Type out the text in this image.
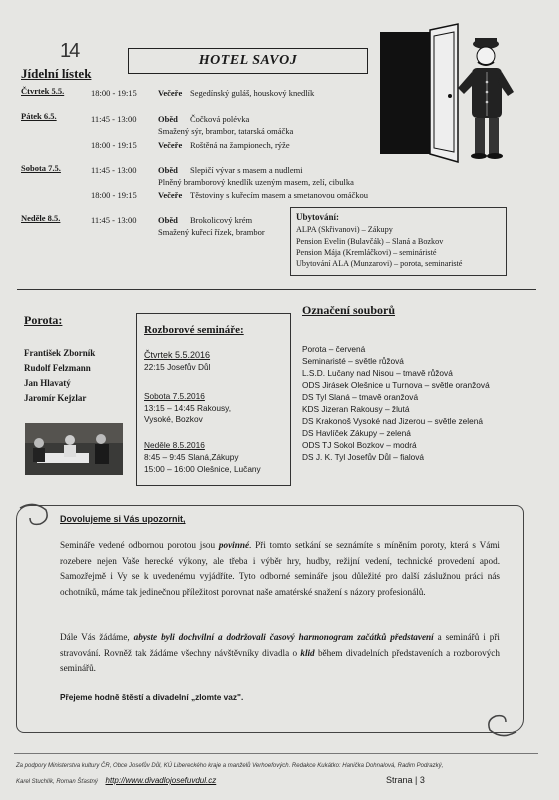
14	HOTEL SAVOJ
Jídelní lístek
Čtvrtek 5.5.	18:00 - 19:15 Večeře Segedínský guláš, houskový knedlík
Pátek 6.5.	11:45 - 13:00	Oběd Čočková polévka
Smažený sýr, brambor, tatarská omáčka
18:00 - 19:15 Večeře Roštěná na žampionech, rýže
Sobota 7.5.	11:45 - 13:00	Oběd Slepičí vývar s masem a nudlemi
Plněný bramborový knedlík uzeným masem, zelí, cibulka
18:00 - 19:15 Večeře Těstoviny s kuřecím masem a smetanovou omáčkou
Neděle 8.5.	11:45 - 13:00	Oběd Brokolicový krém
Smažený kuřecí řízek, brambor
Ubytování:
ALPA (Skřivanovi) – Zákupy
Pension Evelin (Bulavčák) – Slaná a Bozkov
Pension Mája (Kremláčkovi) – semináristé
Ubytování ALA (Munzarovi) – porota, seminaristé
Porota:
František Zborník
Rudolf Felzmann
Jan Hlavatý
Jaromír Kejzlar
Rozborové semináře:
Čtvrtek 5.5.2016
22:15 Josefův Důl
Sobota 7.5.2016
13:15 – 14:45 Rakousy,
Vysoké, Bozkov
Neděle 8.5.2016
8:45 – 9:45 Slaná,Zákupy
15:00 – 16:00 Olešnice, Lučany
Označení souborů
Porota – červená
Seminaristé – světle růžová
L.S.D. Lučany nad Nisou – tmavě růžová
ODS Jirásek Olešnice u Turnova – světle oranžová
DS Tyl Slaná – tmavě oranžová
KDS Jizeran Rakousy – žlutá
DS Krakonoš Vysoké nad Jizerou – světle zelená
DS Havlíček Zákupy – zelená
ODS TJ Sokol Bozkov – modrá
DS J. K. Tyl Josefův Důl – fialová
Dovolujeme si Vás upozornit,

Semináře vedené odbornou porotou jsou povinné. Při tomto setkání se seznámíte s míněním poroty, která s Vámi rozebere nejen Vaše herecké výkony, ale třeba i výběr hry, hudby, režijní vedení, technické provedení apod. Samozřejmě i Vy se k uvedenému vyjádříte. Tyto odborné semináře jsou důležité pro další záslužnou práci nás ochotníků, máme tak jedinečnou příležitost porovnat naše amatérské snažení s názory profesionálů.

Dále Vás žádáme, abyste byli dochvilní a dodržovali časový harmonogram začátků představení a seminářů i při stravování. Rovněž tak žádáme všechny návštěvníky divadla o klid během divadelních představeních a rozborových seminářů.

Přejeme hodně štěstí a divadelní „zlomte vaz".
Za podpory Ministerstva kultury ČR, Obce Josefův Důl, KÚ Libereckého kraje a manželů Verhoefových. Redakce Kukátko: Hanička Dohnalová, Radim Podrazký,
Karel Stuchlík, Roman Šťastný http://www.divadlojosefuvdul.cz	Strana | 3
